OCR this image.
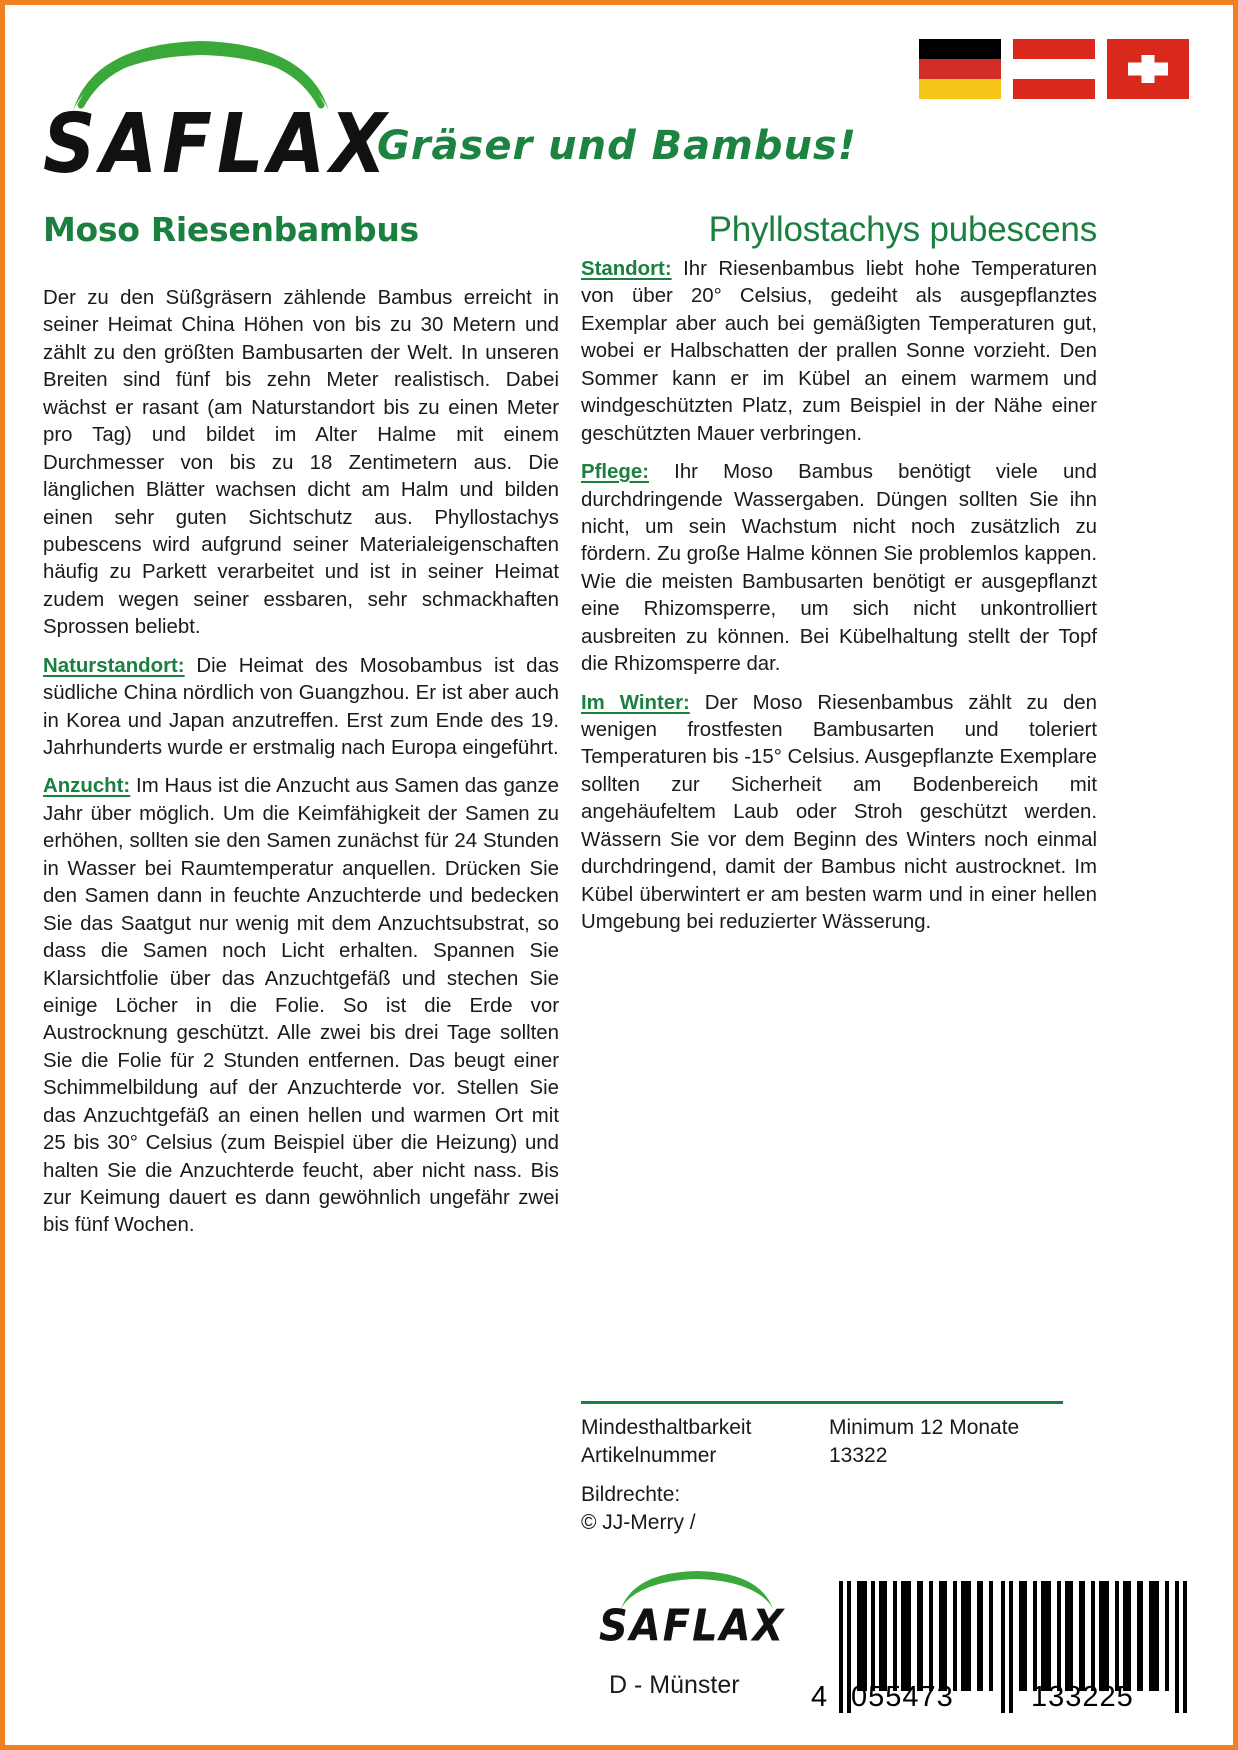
SAFLAX
Gräser und Bambus!
Moso Riesenbambus

Der zu den Süßgräsern zählende Bambus erreicht in seiner Heimat China Höhen von bis zu 30 Metern und zählt zu den größten Bambusarten der Welt. In unseren Breiten sind fünf bis zehn Meter realistisch. Dabei wächst er rasant (am Naturstandort bis zu einen Meter pro Tag) und bildet im Alter Halme mit einem Durchmesser von bis zu 18 Zentimetern aus. Die länglichen Blätter wachsen dicht am Halm und bilden einen sehr guten Sichtschutz aus. Phyllostachys pubescens wird aufgrund seiner Materialeigenschaften häufig zu Parkett verarbeitet und ist in seiner Heimat zudem wegen seiner essbaren, sehr schmackhaften Sprossen beliebt.

Naturstandort: Die Heimat des Mosobambus ist das südliche China nördlich von Guangzhou. Er ist aber auch in Korea und Japan anzutreffen. Erst zum Ende des 19. Jahrhunderts wurde er erstmalig nach Europa eingeführt.

Anzucht: Im Haus ist die Anzucht aus Samen das ganze Jahr über möglich. Um die Keimfähigkeit der Samen zu erhöhen, sollten sie den Samen zunächst für 24 Stunden in Wasser bei Raumtemperatur anquellen. Drücken Sie den Samen dann in feuchte Anzuchterde und bedecken Sie das Saatgut nur wenig mit dem Anzuchtsubstrat, so dass die Samen noch Licht erhalten. Spannen Sie Klarsichtfolie über das Anzuchtgefäß und stechen Sie einige Löcher in die Folie. So ist die Erde vor Austrocknung geschützt. Alle zwei bis drei Tage sollten Sie die Folie für 2 Stunden entfernen. Das beugt einer Schimmelbildung auf der Anzuchterde vor. Stellen Sie das Anzuchtgefäß an einen hellen und warmen Ort mit 25 bis 30° Celsius (zum Beispiel über die Heizung) und halten Sie die Anzuchterde feucht, aber nicht nass. Bis zur Keimung dauert es dann gewöhnlich ungefähr zwei bis fünf Wochen.

Phyllostachys pubescens

Standort: Ihr Riesenbambus liebt hohe Temperaturen von über 20° Celsius, gedeiht als ausgepflanztes Exemplar aber auch bei gemäßigten Temperaturen gut, wobei er Halbschatten der prallen Sonne vorzieht. Den Sommer kann er im Kübel an einem warmem und windgeschützten Platz, zum Beispiel in der Nähe einer geschützten Mauer verbringen.

Pflege: Ihr Moso Bambus benötigt viele und durchdringende Wassergaben. Düngen sollten Sie ihn nicht, um sein Wachstum nicht noch zusätzlich zu fördern. Zu große Halme können Sie problemlos kappen. Wie die meisten Bambusarten benötigt er ausgepflanzt eine Rhizomsperre, um sich nicht unkontrolliert ausbreiten zu können. Bei Kübelhaltung stellt der Topf die Rhizomsperre dar.

Im Winter: Der Moso Riesenbambus zählt zu den wenigen frostfesten Bambusarten und toleriert Temperaturen bis -15° Celsius. Ausgepflanzte Exemplare sollten zur Sicherheit am Bodenbereich mit angehäufeltem Laub oder Stroh geschützt werden. Wässern Sie vor dem Beginn des Winters noch einmal durchdringend, damit der Bambus nicht austrocknet. Im Kübel überwintert er am besten warm und in einer hellen Umgebung bei reduzierter Wässerung.

Mindesthaltbarkeit	Minimum 12 Monate
Artikelnummer	13322
Bildrechte:
© JJ-Merry /
SAFLAX
D - Münster 4 055473	133225
